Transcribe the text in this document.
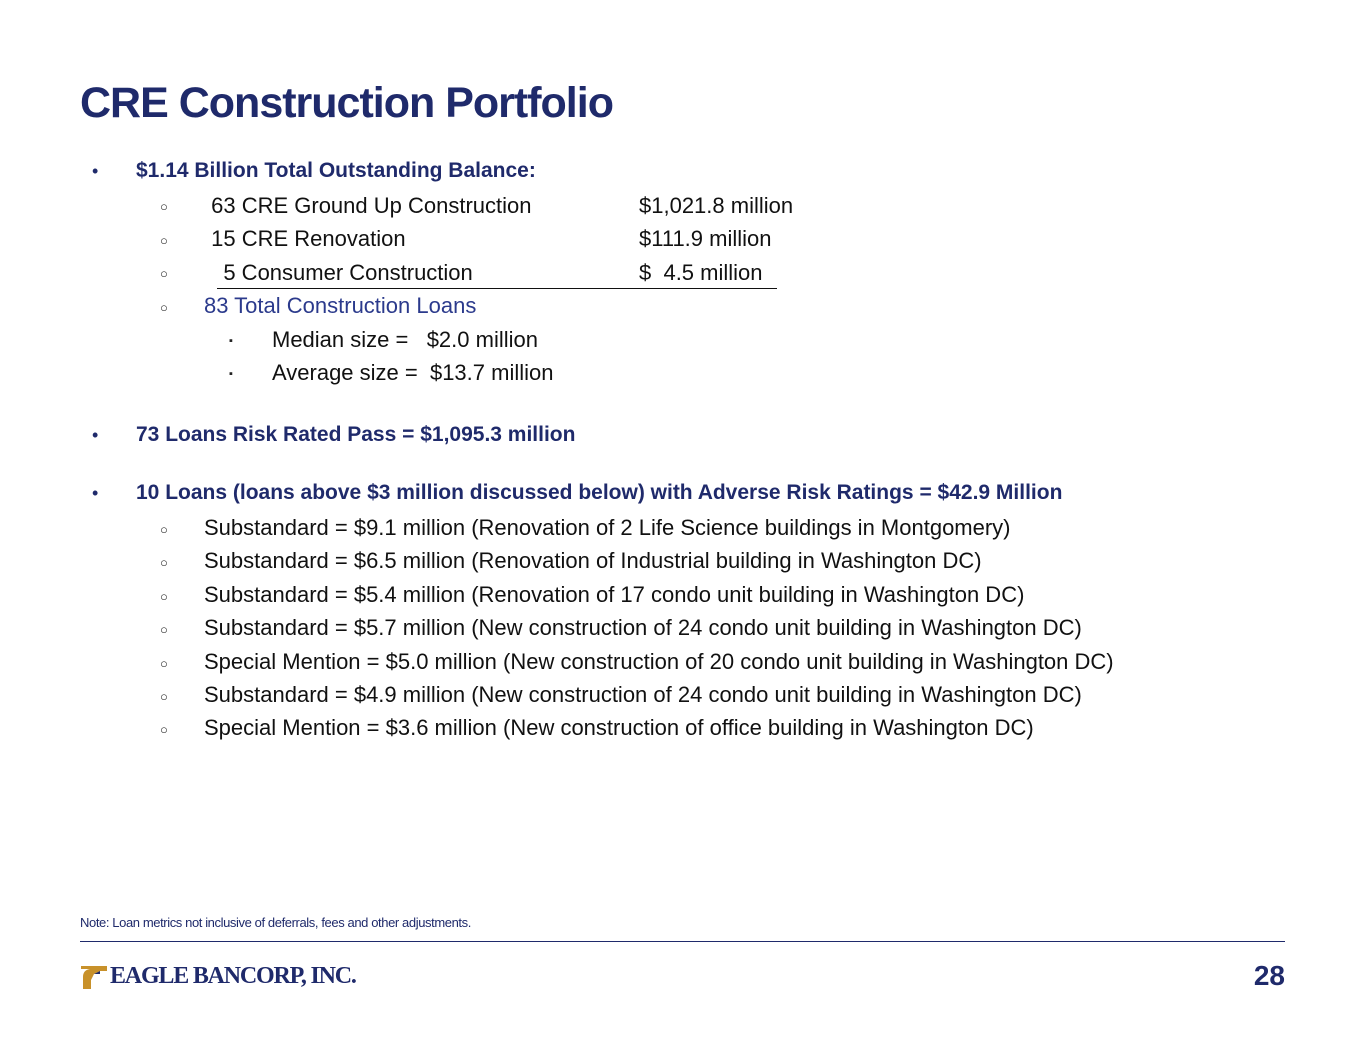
CRE Construction Portfolio
• $1.14 Billion Total Outstanding Balance:
○ 63 CRE Ground Up Construction	$1,021.8 million
○ 15 CRE Renovation	$111.9 million
○ 5 Consumer Construction	$  4.5 million
○ 83 Total Construction Loans
▪ Median size =   $2.0 million
▪ Average size =  $13.7 million
• 73 Loans Risk Rated Pass = $1,095.3 million
• 10 Loans (loans above $3 million discussed below) with Adverse Risk Ratings = $42.9 Million
○ Substandard = $9.1 million (Renovation of 2 Life Science buildings in Montgomery)
○ Substandard = $6.5 million (Renovation of Industrial building in Washington DC)
○ Substandard = $5.4 million (Renovation of 17 condo unit building in Washington DC)
○ Substandard = $5.7 million (New construction of 24 condo unit building in Washington DC)
○ Special Mention = $5.0 million (New construction of 20 condo unit building in Washington DC)
○ Substandard = $4.9 million (New construction of 24 condo unit building in Washington DC)
○ Special Mention = $3.6 million (New construction of office building in Washington DC)
Note: Loan metrics not inclusive of deferrals, fees and other adjustments.
EAGLE BANCORP, INC.	28
